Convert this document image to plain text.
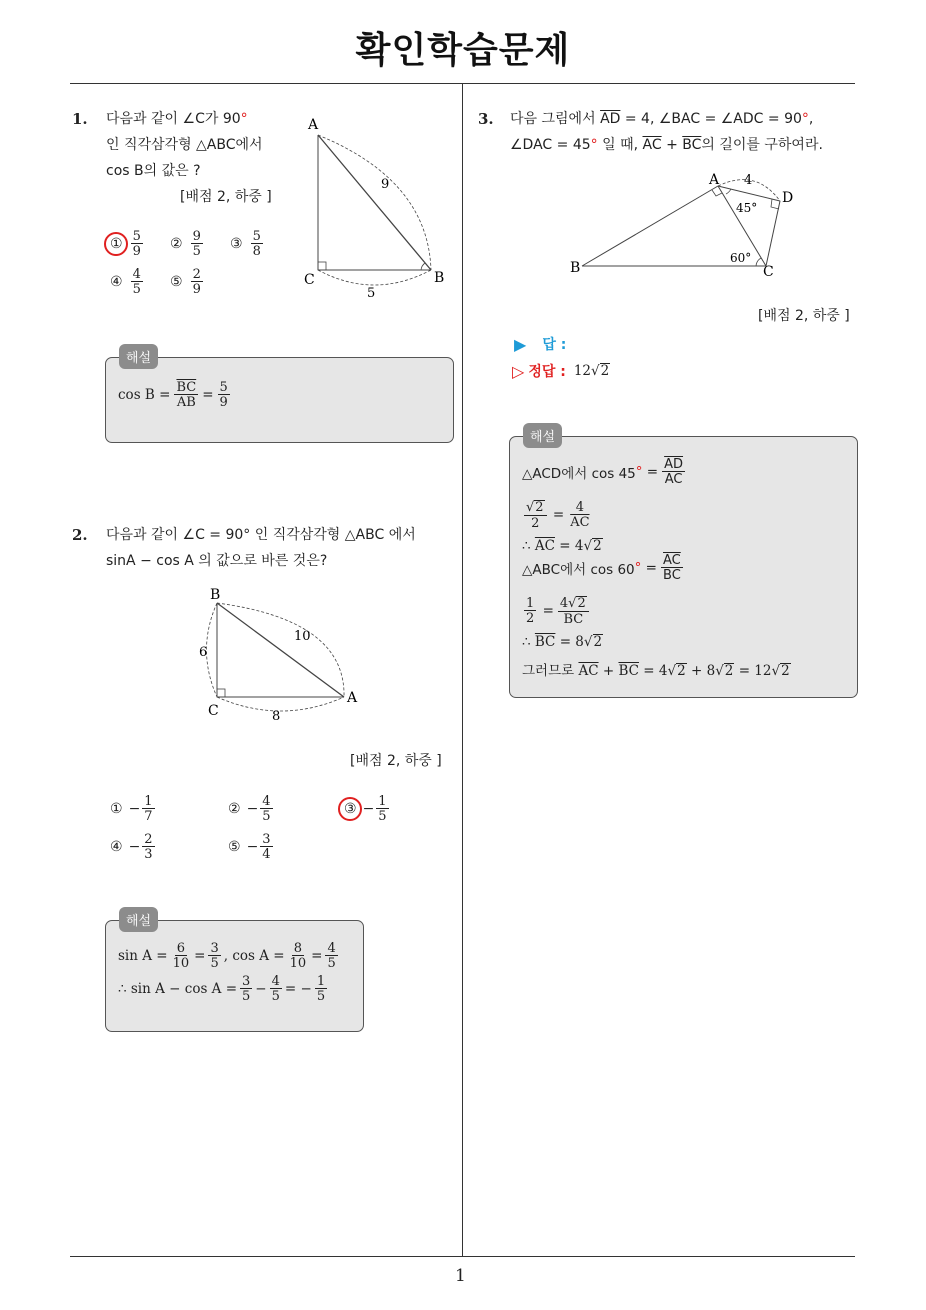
확인학습문제
1
1. 다음과 같이 ∠C가 90°
인 직각삼각형 △ABC에서
cos B의 값은 ?
[배점 2, 하중 ]
A
B
C
9
5
① $\frac{5}{9}$ ② $\frac{9}{5}$ ③ $\frac{5}{8}$
④ $\frac{4}{5}$ ⑤ $\frac{2}{9}$
해설
$\cos B = \frac{\overline{BC}}{AB} = \frac{5}{9}$
2. 다음과 같이 ∠C = 90° 인 직각삼각형 △ABC 에서
sinA − cos A 의 값으로 바른 것은?
B
A
C
10
6
8
[배점 2, 하중 ]
① − $\frac{1}{7}$	② − $\frac{4}{5}$	③ − $\frac{1}{5}$
④ − $\frac{2}{3}$	⑤ − $\frac{3}{4}$
해설
$\sin A = \frac{6}{10} = \frac{3}{5}$ , $\cos A = \frac{8}{10} = \frac{4}{5}$
∴ $\sin A - \cos A = \frac{3}{5} - \frac{4}{5}$ = − $\frac{1}{5}$
3. 다음 그림에서 $\overline{AD} = 4$, ∠BAC = ∠ADC = 90°,
∠DAC = 45° 일 때, $\overline{AC} + \overline{BC}$의 길이를 구하여라.
A
B	C
D
4
45°
60°
[배점 2, 하중 ]
▶ 답 :
▷ 정답 : 12√2
해설
△ACD에서 cos 45 ° = $\frac{\overline{AD}}{AC}$
$\frac{√2}{2} = \frac{4}{AC}$
∴ $\overline{AC} = 4√2$
△ABC에서 cos 60 ° = $\frac{\overline{AC}}{BC}$
$\frac{1}{2} = \frac{4√2}{BC}$
∴ $\overline{BC} = 8√2$
그러므로 $\overline{AC} + \overline{BC} = 4√2 + 8√2 = 12√2$
